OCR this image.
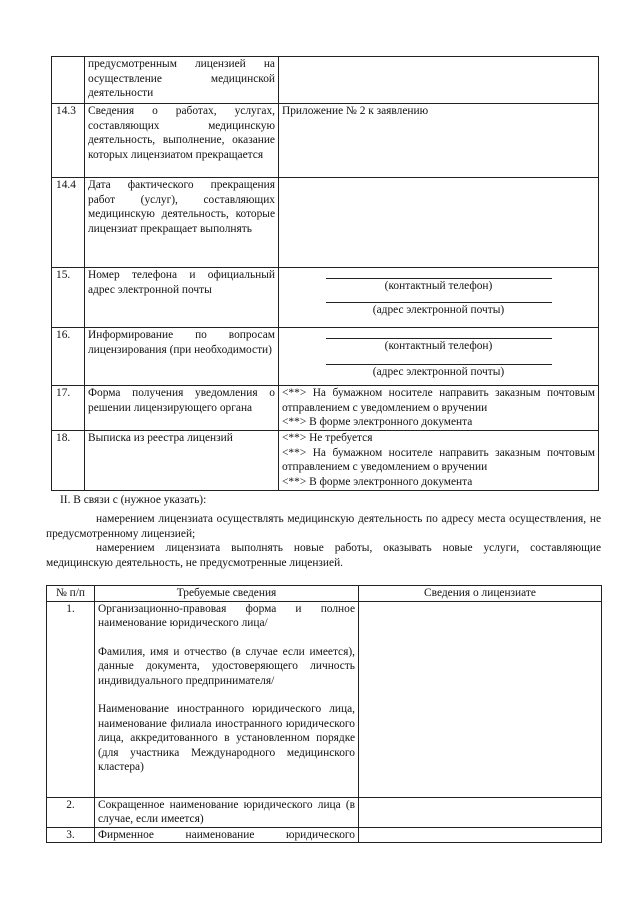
	предусмотренным лицензией на осуществление медицинской деятельности	
14.3	Сведения о работах, услугах, составляющих медицинскую деятельность, выполнение, оказание которых лицензиатом прекращается	Приложение № 2 к заявлению
14.4	Дата фактического прекращения работ (услуг), составляющих медицинскую деятельность, которые лицензиат прекращает выполнять	
15.	Номер телефона и официальный адрес электронной почты	(контактный телефон)
(адрес электронной почты)

16.	Информирование по вопросам лицензирования (при необходимости)	(контактный телефон)
(адрес электронной почты)

17.	Форма получения уведомления о решении лицензирующего органа	<**> На бумажном носителе направить заказным почтовым отправлением с уведомлением о вручении
<**> В форме электронного документа

18.	Выписка из реестра лицензий	<**> Не требуется
<**> На бумажном носителе направить заказным почтовым отправлением с уведомлением о вручении
<**> В форме электронного документа
II. В связи с (нужное указать):
намерением лицензиата осуществлять медицинскую деятельность по адресу места осуществления, не предусмотренному лицензией;
намерением лицензиата выполнять новые работы, оказывать новые услуги, составляющие медицинскую деятельность, не предусмотренные лицензией.
№ п/п	Требуемые сведения	Сведения о лицензиате
1.	Организационно-правовая форма и полное наименование юридического лица/
Фамилия, имя и отчество (в случае если имеется), данные документа, удостоверяющего личность индивидуального предпринимателя/
Наименование иностранного юридического лица, наименование филиала иностранного юридического лица, аккредитованного в установленном порядке (для участника Международного медицинского кластера)	

2.	Сокращенное наименование юридического лица (в случае, если имеется)	
3.	Фирменное наименование юридического	
